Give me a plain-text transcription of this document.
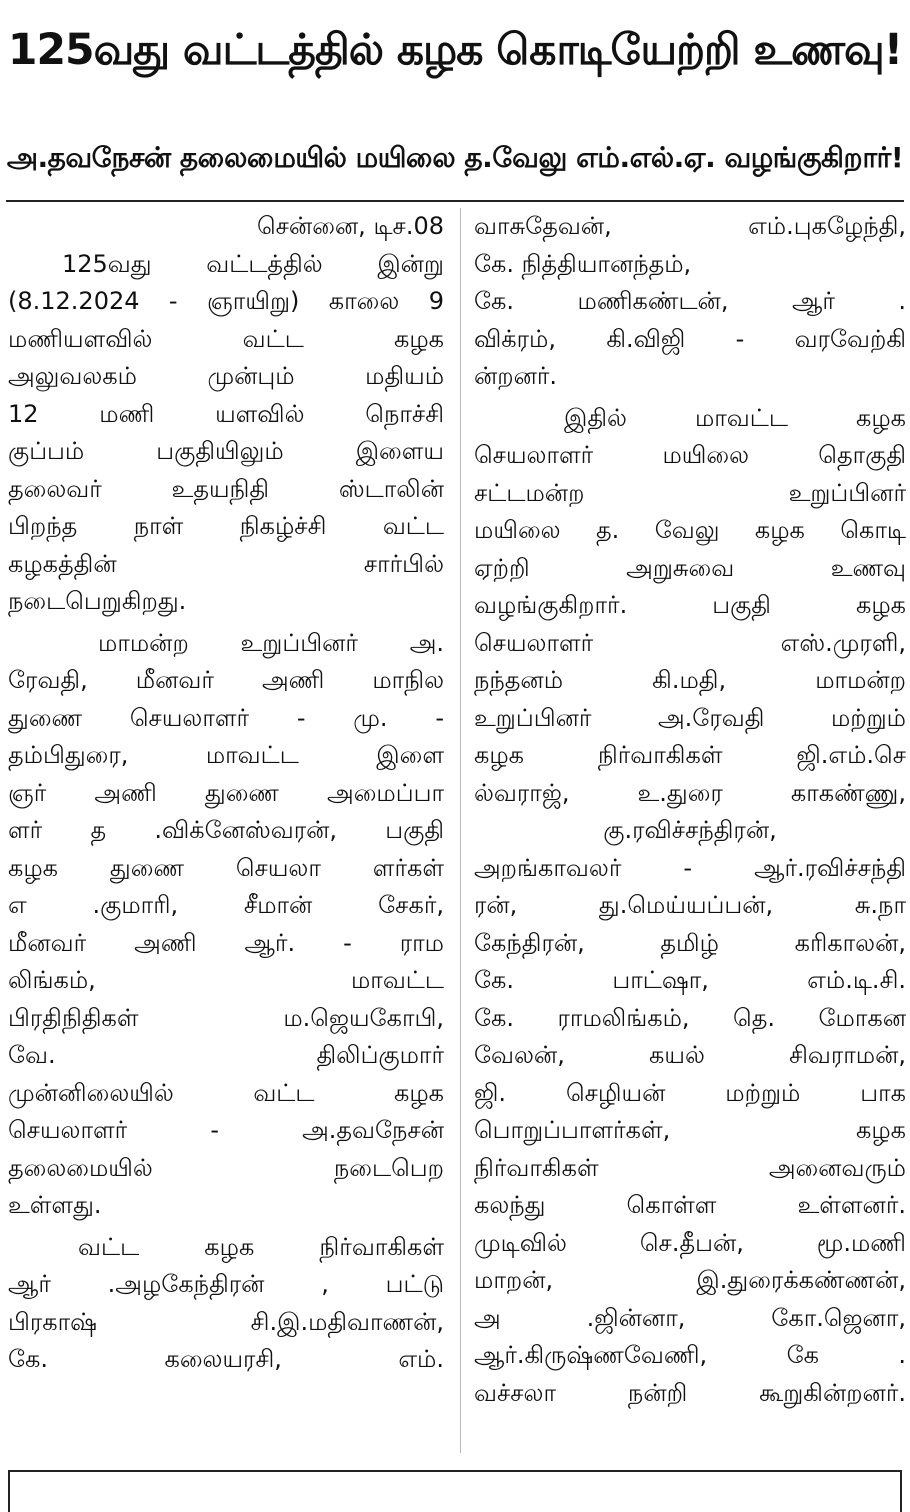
125வது வட்டத்தில் கழக கொடியேற்றி உணவு!
அ.தவநேசன் தலைமையில் மயிலை த.வேலு எம்.எல்.ஏ. வழங்குகிறார்!
சென்னை, டிச.08
125வது வட்டத்தில் இன்று
(8.12.2024 - ஞாயிறு) காலை 9
மணியளவில் வட்ட கழக
அலுவலகம் முன்பும் மதியம்
12 மணி யளவில் நொச்சி
குப்பம் பகுதியிலும் இளைய
தலைவர் உதயநிதி ஸ்டாலின்
பிறந்த நாள் நிகழ்ச்சி வட்ட
கழகத்தின் சார்பில்
நடைபெறுகிறது.
மாமன்ற உறுப்பினர் அ.
ரேவதி, மீனவர் அணி மாநில
துணை செயலாளர் - மு. -
தம்பிதுரை, மாவட்ட இளை
ஞர் அணி துணை அமைப்பா
ளர் த .விக்னேஸ்வரன், பகுதி
கழக துணை செயலா ளர்கள்
எ .குமாரி, சீமான் சேகர்,
மீனவர் அணி ஆர். - ராம
லிங்கம், மாவட்ட
பிரதிநிதிகள் ம.ஜெயகோபி,
வே. திலிப்குமார்
முன்னிலையில் வட்ட கழக
செயலாளர் - அ.தவநேசன்
தலைமையில் நடைபெற
உள்ளது.
வட்ட கழக நிர்வாகிகள்
ஆர் .அழகேந்திரன் , பட்டு
பிரகாஷ் சி.இ.மதிவாணன்,
கே. கலையரசி, எம்.
வாசுதேவன், எம்.புகழேந்தி,
கே. நித்தியானந்தம்,
கே. மணிகண்டன், ஆர் .
விக்ரம், கி.விஜி - வரவேற்கி
ன்றனர்.
இதில் மாவட்ட கழக
செயலாளர் மயிலை தொகுதி
சட்டமன்ற உறுப்பினர்
மயிலை த. வேலு கழக கொடி
ஏற்றி அறுசுவை உணவு
வழங்குகிறார். பகுதி கழக
செயலாளர் எஸ்.முரளி,
நந்தனம் கி.மதி, மாமன்ற
உறுப்பினர் அ.ரேவதி மற்றும்
கழக நிர்வாகிகள் ஜி.எம்.செ
ல்வராஜ், உ.துரை காகண்ணு,
கு.ரவிச்சந்திரன்,
அறங்காவலர் - ஆர்.ரவிச்சந்தி
ரன், து.மெய்யப்பன், சு.நா
கேந்திரன், தமிழ் கரிகாலன்,
கே. பாட்ஷா, எம்.டி.சி.
கே. ராமலிங்கம், தெ. மோகன
வேலன், கயல் சிவராமன்,
ஜி. செழியன் மற்றும் பாக
பொறுப்பாளர்கள், கழக
நிர்வாகிகள் அனைவரும்
கலந்து கொள்ள உள்ளனர்.
முடிவில் செ.தீபன், மூ.மணி
மாறன், இ.துரைக்கண்ணன்,
அ .ஜின்னா, கோ.ஜெனா,
ஆர்.கிருஷ்ணவேணி, கே .
வச்சலா நன்றி கூறுகின்றனர்.
